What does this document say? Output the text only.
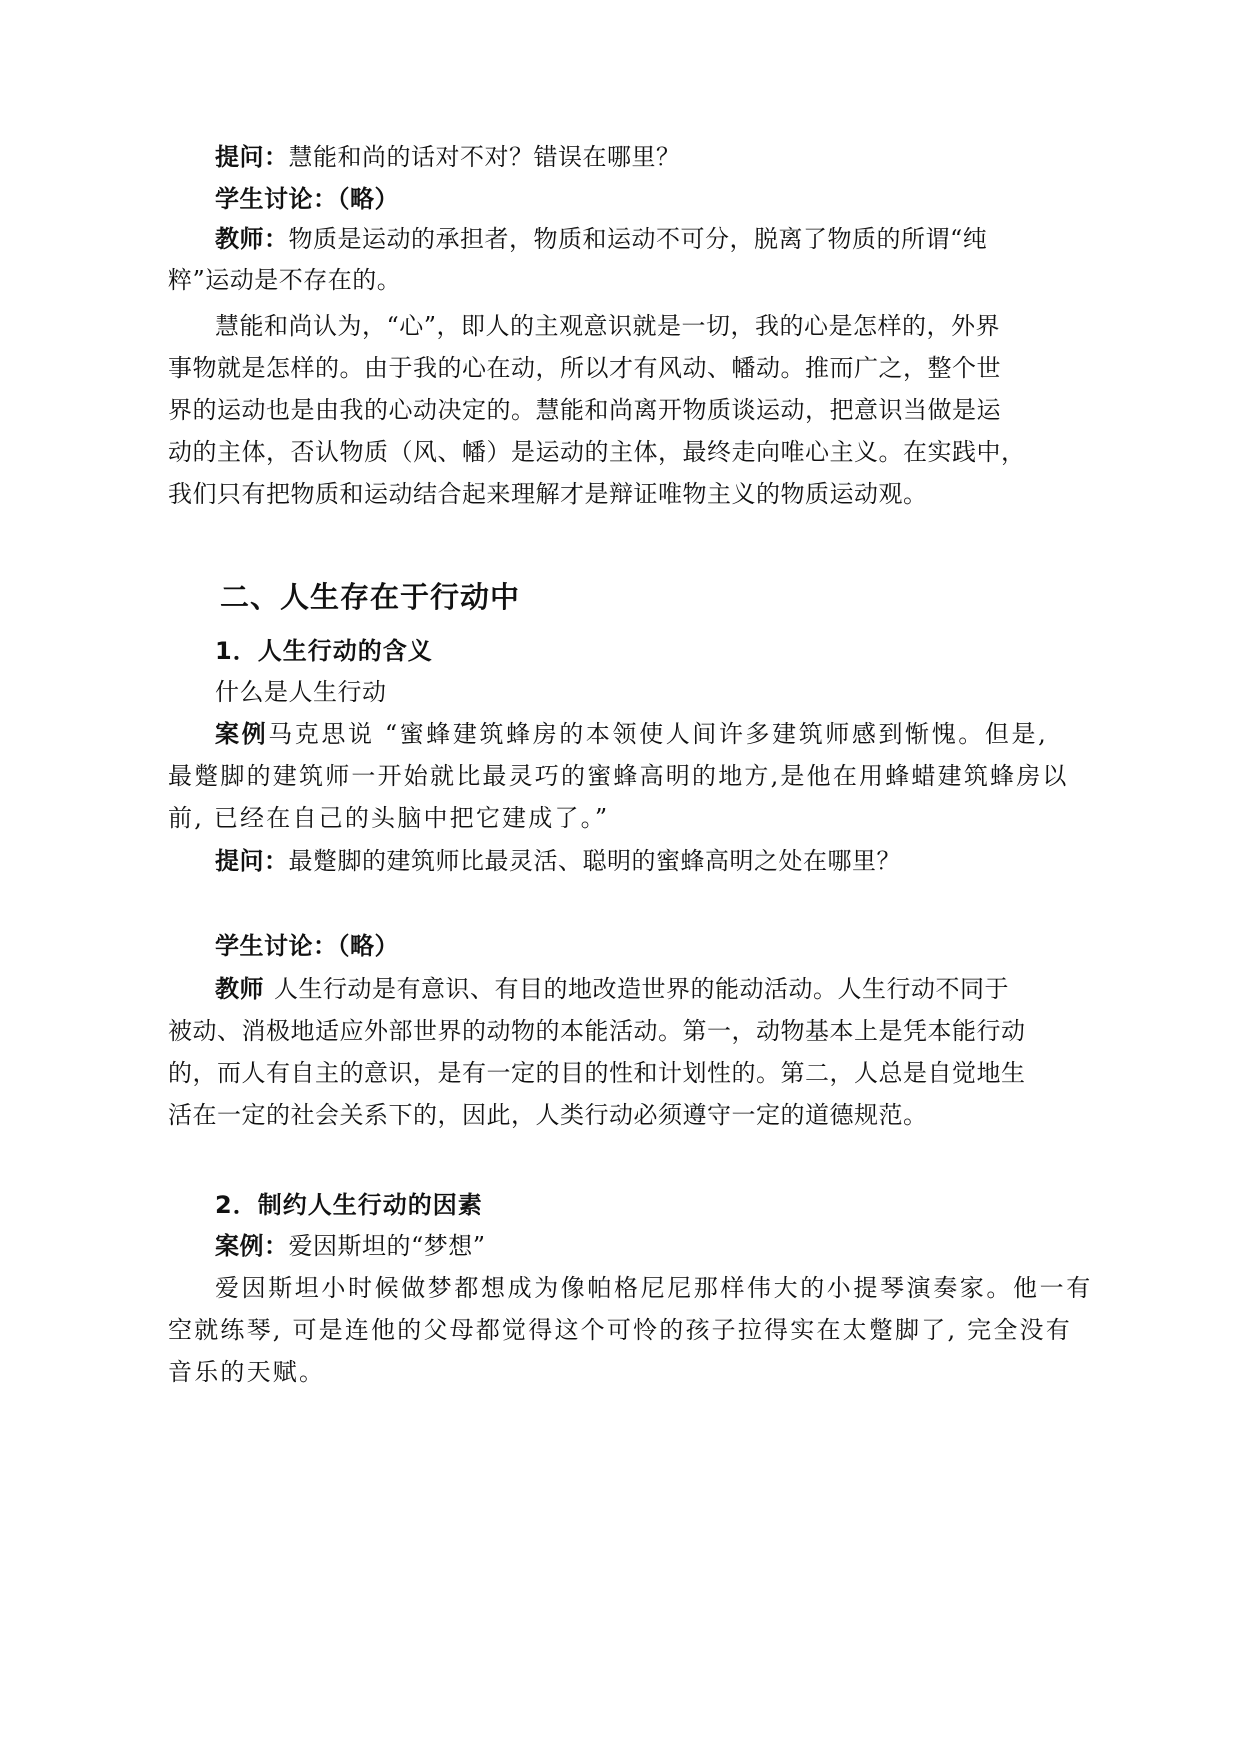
提问：慧能和尚的话对不对？错误在哪里？
学生讨论：（略）
教师：物质是运动的承担者，物质和运动不可分，脱离了物质的所谓“纯
粹”运动是不存在的。
慧能和尚认为，“心”，即人的主观意识就是一切，我的心是怎样的，外界
事物就是怎样的。由于我的心在动，所以才有风动、幡动。推而广之，整个世
界的运动也是由我的心动决定的。慧能和尚离开物质谈运动，把意识当做是运
动的主体，否认物质（风、幡）是运动的主体，最终走向唯心主义。在实践中，
我们只有把物质和运动结合起来理解才是辩证唯物主义的物质运动观。
二、人生存在于行动中
1．人生行动的含义
什么是人生行动
案例马克思说 “蜜蜂建筑蜂房的本领使人间许多建筑师感到惭愧。但是,
最蹩脚的建筑师一开始就比最灵巧的蜜蜂高明的地方,是他在用蜂蜡建筑蜂房以
前, 已经在自己的头脑中把它建成了。”
提问：最蹩脚的建筑师比最灵活、聪明的蜜蜂高明之处在哪里？
学生讨论：（略）
教师 人生行动是有意识、有目的地改造世界的能动活动。人生行动不同于
被动、消极地适应外部世界的动物的本能活动。第一，动物基本上是凭本能行动
的，而人有自主的意识，是有一定的目的性和计划性的。第二，人总是自觉地生
活在一定的社会关系下的，因此，人类行动必须遵守一定的道德规范。
2．制约人生行动的因素
案例：爱因斯坦的“梦想”
爱因斯坦小时候做梦都想成为像帕格尼尼那样伟大的小提琴演奏家。他一有
空就练琴, 可是连他的父母都觉得这个可怜的孩子拉得实在太蹩脚了, 完全没有
音乐的天赋。
